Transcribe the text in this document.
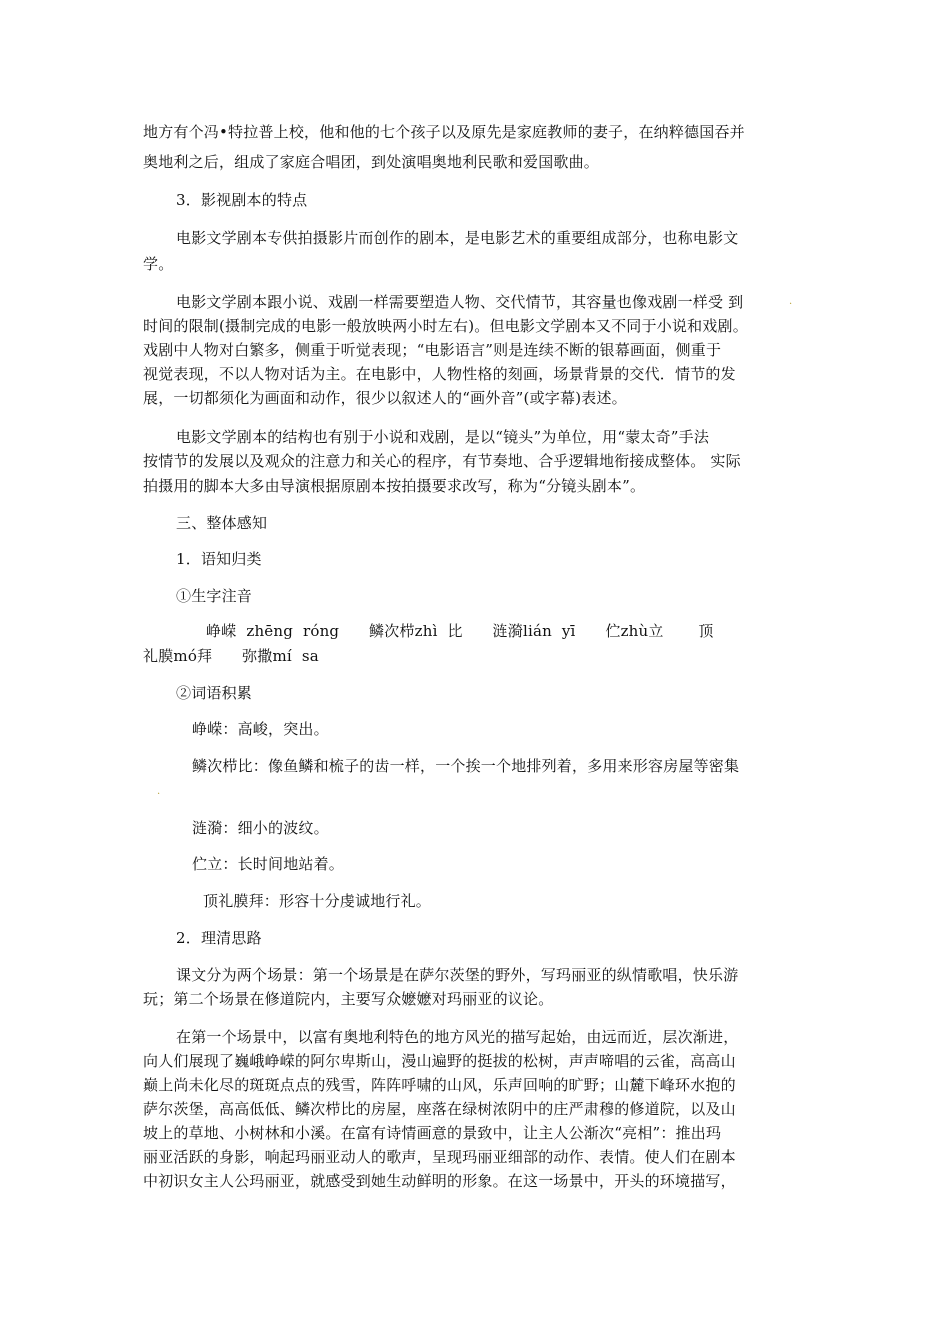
地方有个冯•特拉普上校，他和他的七个孩子以及原先是家庭教师的妻子，在纳粹德国吞并
奥地利之后，组成了家庭合唱团，到处演唱奥地利民歌和爱国歌曲。
3．影视剧本的特点
电影文学剧本专供拍摄影片而创作的剧本，是电影艺术的重要组成部分，也称电影文
学。
电影文学剧本跟小说、戏剧一样需要塑造人物、交代情节，其容量也像戏剧一样受 到	.
时间的限制(摄制完成的电影一般放映两小时左右)。但电影文学剧本又不同于小说和戏剧。
戏剧中人物对白繁多，侧重于听觉表现；“电影语言”则是连续不断的银幕画面，侧重于
视觉表现，不以人物对话为主。在电影中，人物性格的刻画，场景背景的交代．情节的发
展，一切都须化为画面和动作，很少以叙述人的“画外音”(或字幕)表述。
电影文学剧本的结构也有别于小说和戏剧，是以“镜头”为单位，用“蒙太奇”手法
按情节的发展以及观众的注意力和关心的程序，有节奏地、合乎逻辑地衔接成整体。 实际
拍摄用的脚本大多由导演根据原剧本按拍摄要求改写，称为“分镜头剧本”。
三、整体感知
1．语知归类
①生字注音
峥嵘  zhēng  róng      鳞次栉zhì  比      涟漪lián  yī      伫zhù立       顶
礼膜mó拜      弥撒mí  sa
②词语积累
峥嵘：高峻，突出。
鳞次栉比：像鱼鳞和梳子的齿一样，一个挨一个地排列着，多用来形容房屋等密集
.
涟漪：细小的波纹。
伫立：长时间地站着。
顶礼膜拜：形容十分虔诚地行礼。
2．理清思路
课文分为两个场景：第一个场景是在萨尔茨堡的野外，写玛丽亚的纵情歌唱，快乐游
玩；第二个场景在修道院内，主要写众嬷嬷对玛丽亚的议论。
在第一个场景中，以富有奥地利特色的地方风光的描写起始，由远而近，层次渐进，
向人们展现了巍峨峥嵘的阿尔卑斯山，漫山遍野的挺拔的松树，声声啼唱的云雀，高高山
巅上尚未化尽的斑斑点点的残雪，阵阵呼啸的山风，乐声回响的旷野；山麓下峰环水抱的
萨尔茨堡，高高低低、鳞次栉比的房屋，座落在绿树浓阴中的庄严肃穆的修道院，以及山
坡上的草地、小树林和小溪。在富有诗情画意的景致中，让主人公渐次“亮相”：推出玛
丽亚活跃的身影，响起玛丽亚动人的歌声，呈现玛丽亚细部的动作、表情。使人们在剧本
中初识女主人公玛丽亚，就感受到她生动鲜明的形象。在这一场景中，开头的环境描写，
